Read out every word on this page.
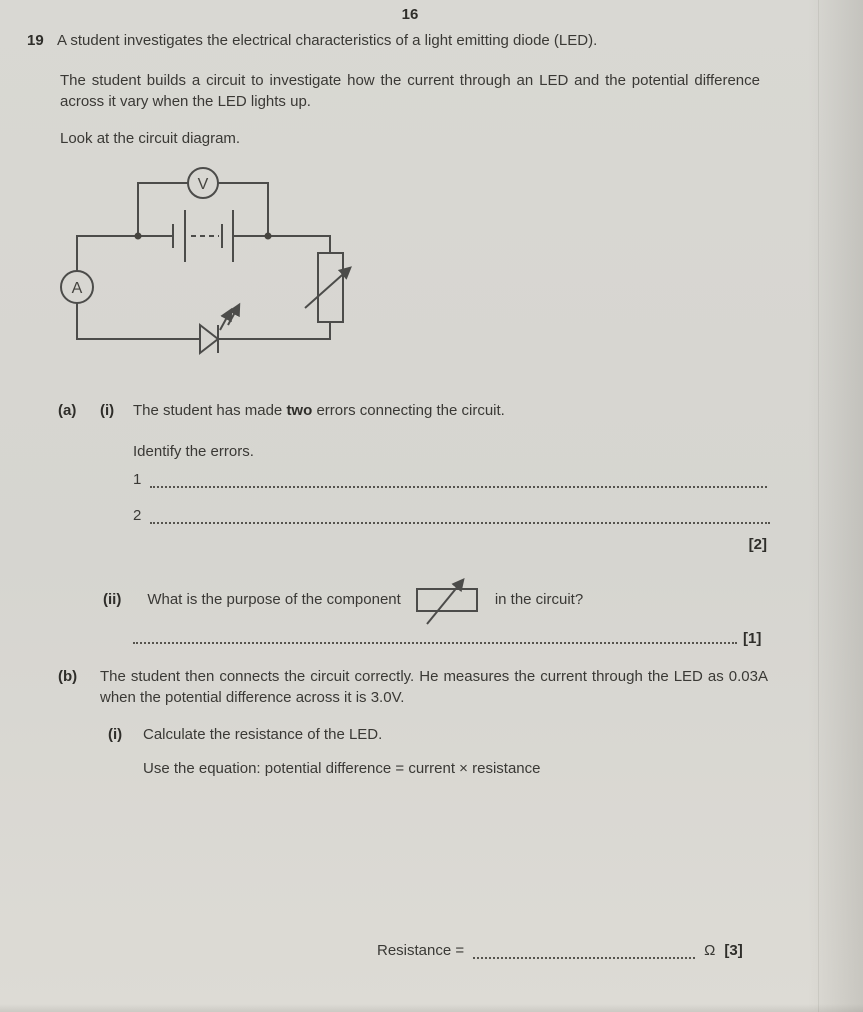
16
19 A student investigates the electrical characteristics of a light emitting diode (LED).
The student builds a circuit to investigate how the current through an LED and the potential difference across it vary when the LED lights up.
Look at the circuit diagram.
V
A
(a) (i) The student has made two errors connecting the circuit.
Identify the errors.
1
2
[2]
(ii) What is the purpose of the component	in the circuit?
[1]
(b) The student then connects the circuit correctly. He measures the current through the LED as 0.03A when the potential difference across it is 3.0V.
(i) Calculate the resistance of the LED.
Use the equation: potential difference = current × resistance
Resistance =	Ω [3]
